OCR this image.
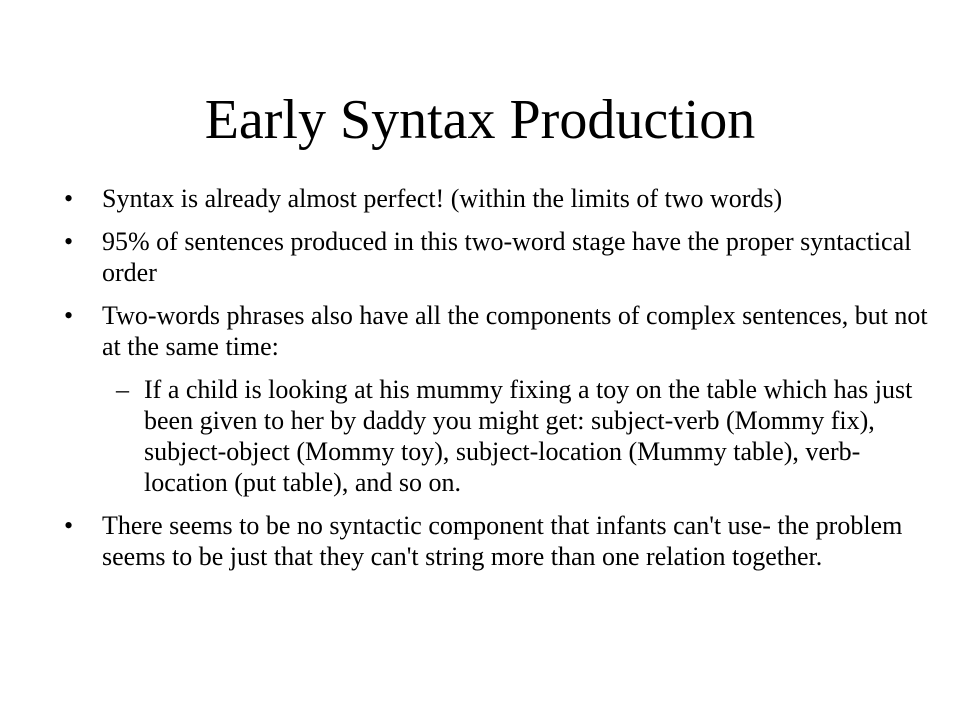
Early Syntax Production
•	Syntax is already almost perfect! (within the limits of two words)
•	95% of sentences produced in this two-word stage have the proper syntactical order
•	Two-words phrases also have all the components of complex sentences, but not at the same time:
– If a child is looking at his mummy fixing a toy on the table which has just been given to her by daddy you might get: subject-verb (Mommy fix), subject-object (Mommy toy), subject-location (Mummy table), verb-location (put table), and so on.
•	There seems to be no syntactic component that infants can't use- the problem seems to be just that they can't string more than one relation together.
